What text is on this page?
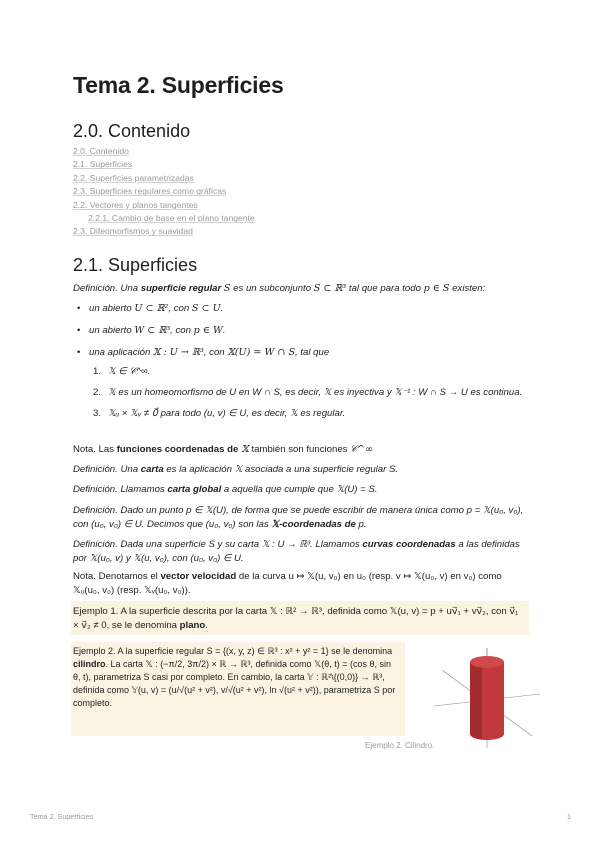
Tema 2. Superficies
2.0. Contenido
2.0. Contenido
2.1. Superficies
2.2. Superficies parametrizadas
2.3. Superficies regulares como gráficas
2.2. Vectores y planos tangentes
2.2.1. Cambio de base en el plano tangente
2.3. Difeomorfismos y suavidad
2.1. Superficies
Definición. Una superficie regular S es un subconjunto S ⊂ ℝ³ tal que para todo p ∈ S existen:
• un abierto U ⊂ ℝ², con S ⊂ U.
• un abierto W ⊂ ℝ³, con p ∈ W.
• una aplicación 𝕏 : U → ℝ³, con 𝕏(U) = W ∩ S, tal que
1. 𝕏 ∈ 𝒞^∞.
2. 𝕏 es un homeomorfismo de U en W ∩ S, es decir, 𝕏 es inyectiva y 𝕏⁻¹ : W ∩ S → U es continua.
3. 𝕏ᵤ × 𝕏ᵥ ≠ 0⃗ para todo (u, v) ∈ U, es decir, 𝕏 es regular.
Nota. Las funciones coordenadas de 𝕏 también son funciones 𝒞^∞
Definición. Una carta es la aplicación 𝕏 asociada a una superficie regular S.
Definición. Llamamos carta global a aquella que cumple que 𝕏(U) = S.
Definición. Dado un punto p ∈ 𝕏(U), de forma que se puede escribir de manera única como p = 𝕏(u₀, v₀), con (u₀, v₀) ∈ U. Decimos que (u₀, v₀) son las 𝕏-coordenadas de p.
Definición. Dada una superficie S y su carta 𝕏 : U → ℝ³. Llamamos curvas coordenadas a las definidas por 𝕏(u₀, v) y 𝕏(u, v₀), con (u₀, v₀) ∈ U.
Nota. Denotamos el vector velocidad de la curva u ↦ 𝕏(u, v₀) en u₀ (resp. v ↦ 𝕏(u₀, v) en v₀) como 𝕏ᵤ(u₀, v₀) (resp. 𝕏ᵥ(u₀, v₀)).
Ejemplo 1. A la superficie descrita por la carta 𝕏 : ℝ² → ℝ³, definida como 𝕏(u, v) = p + uv⃗₁ + vv⃗₂, con v⃗₁ × v⃗₂ ≠ 0, se le denomina plano.
Ejemplo 2. A la superficie regular S = {(x, y, z) ∈ ℝ³ : x² + y² = 1} se le denomina cilindro. La carta 𝕏 : (−π/2, 3π/2) × ℝ → ℝ³, definida como 𝕏(θ, t) = (cos θ, sin θ, t), parametriza S casi por completo. En cambio, la carta 𝕐 : ℝ²\{(0,0)} → ℝ³, definida como 𝕐(u, v) = (u/√(u² + v²), v/√(u² + v²), ln √(u² + v²)), parametriza S por completo.
Ejemplo 2. Cilindro.
Tema 2. Superficies	1
